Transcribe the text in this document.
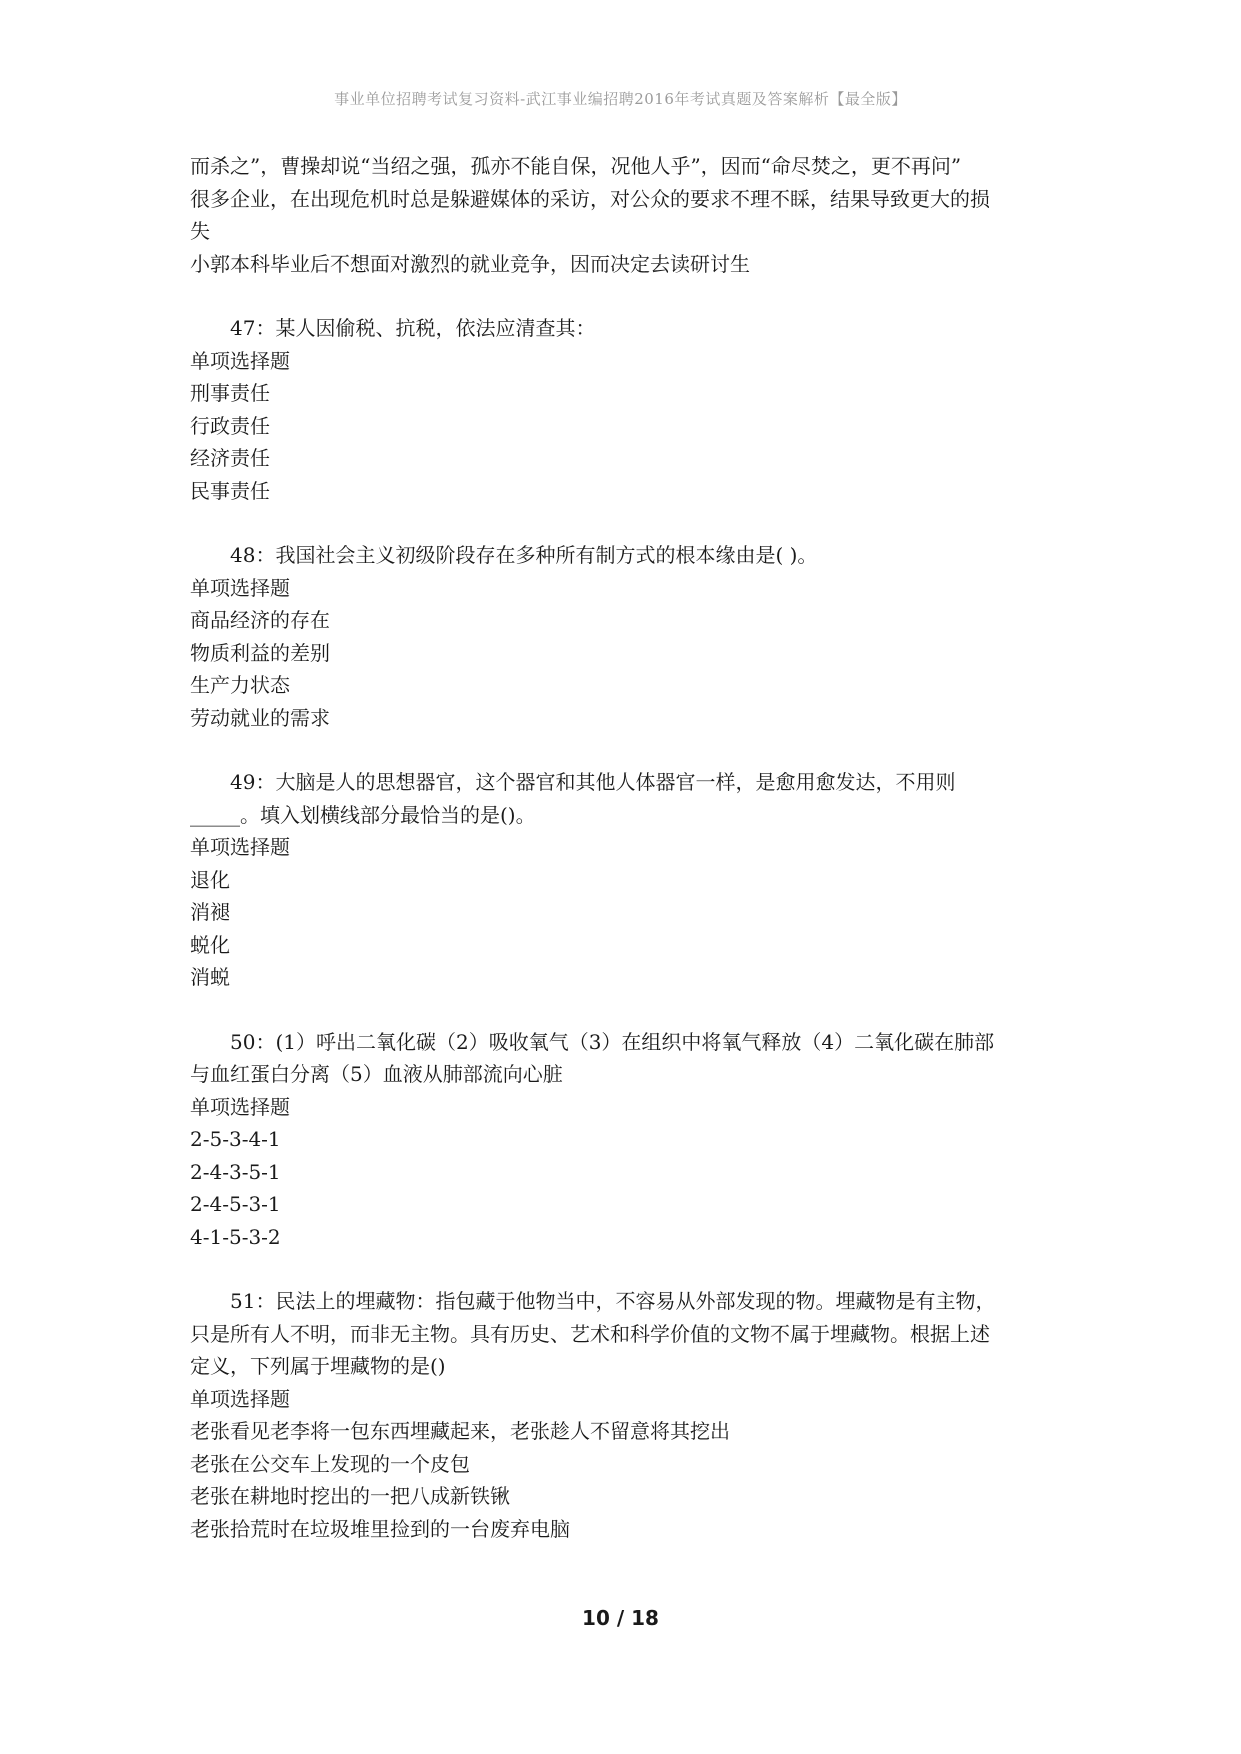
事业单位招聘考试复习资料-武江事业编招聘2016年考试真题及答案解析【最全版】
而杀之”，曹操却说“当绍之强，孤亦不能自保，况他人乎”，因而“命尽焚之，更不再问”
很多企业，在出现危机时总是躲避媒体的采访，对公众的要求不理不睬，结果导致更大的损
失
小郭本科毕业后不想面对激烈的就业竞争，因而决定去读研讨生
47：某人因偷税、抗税，依法应清查其：
单项选择题
刑事责任
行政责任
经济责任
民事责任
48：我国社会主义初级阶段存在多种所有制方式的根本缘由是( )。
单项选择题
商品经济的存在
物质利益的差别
生产力状态
劳动就业的需求
49：大脑是人的思想器官，这个器官和其他人体器官一样，是愈用愈发达，不用则
_____。填入划横线部分最恰当的是()。
单项选择题
退化
消褪
蜕化
消蜕
50：(1）呼出二氧化碳（2）吸收氧气（3）在组织中将氧气释放（4）二氧化碳在肺部
与血红蛋白分离（5）血液从肺部流向心脏
单项选择题
2-5-3-4-1
2-4-3-5-1
2-4-5-3-1
4-1-5-3-2
51：民法上的埋藏物：指包藏于他物当中，不容易从外部发现的物。埋藏物是有主物，
只是所有人不明，而非无主物。具有历史、艺术和科学价值的文物不属于埋藏物。根据上述
定义，下列属于埋藏物的是()
单项选择题
老张看见老李将一包东西埋藏起来，老张趁人不留意将其挖出
老张在公交车上发现的一个皮包
老张在耕地时挖出的一把八成新铁锹
老张拾荒时在垃圾堆里捡到的一台废弃电脑
10 / 18
